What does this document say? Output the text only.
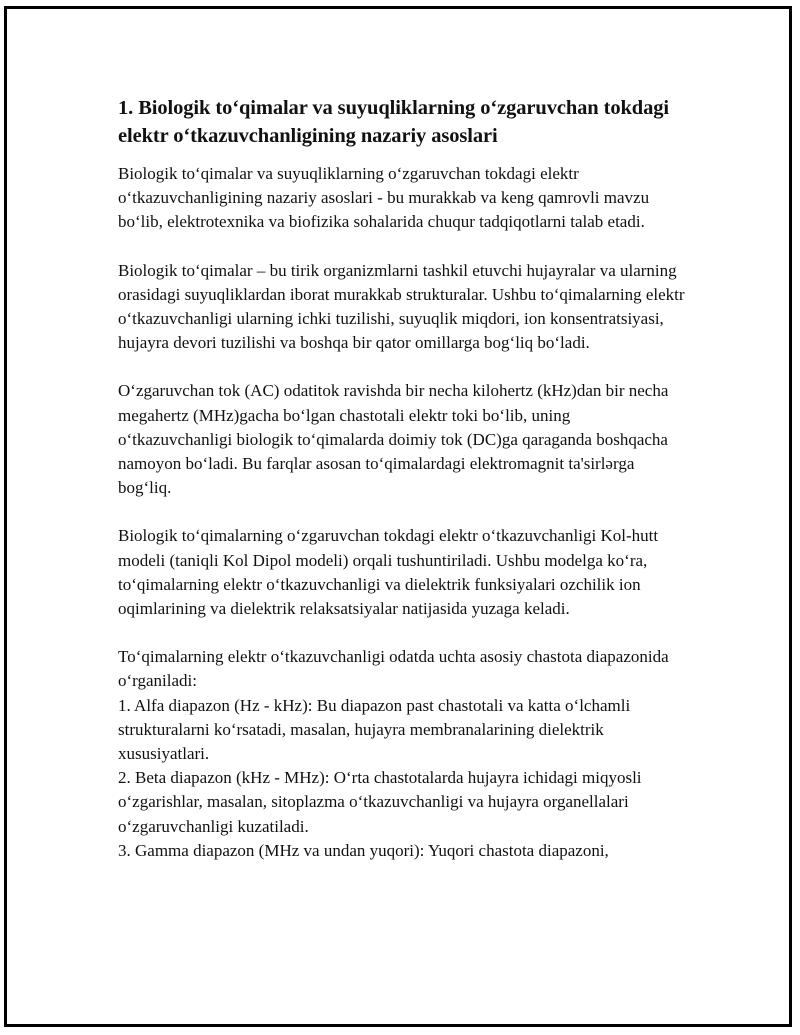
1. Biologik to‘qimalar va suyuqliklarning o‘zgaruvchan tokdagi elektr o‘tkazuvchanligining nazariy asoslari

Biologik to‘qimalar va suyuqliklarning o‘zgaruvchan tokdagi elektr o‘tkazuvchanligining nazariy asoslari - bu murakkab va keng qamrovli mavzu bo‘lib, elektrotexnika va biofizika sohalarida chuqur tadqiqotlarni talab etadi.

Biologik to‘qimalar – bu tirik organizmlarni tashkil etuvchi hujayralar va ularning orasidagi suyuqliklardan iborat murakkab strukturalar. Ushbu to‘qimalarning elektr o‘tkazuvchanligi ularning ichki tuzilishi, suyuqlik miqdori, ion konsentratsiyasi, hujayra devori tuzilishi va boshqa bir qator omillarga bog‘liq bo‘ladi.

O‘zgaruvchan tok (AC) odatitok ravishda bir necha kilohertz (kHz)dan bir necha megahertz (MHz)gacha bo‘lgan chastotali elektr toki bo‘lib, uning o‘tkazuvchanligi biologik to‘qimalarda doimiy tok (DC)ga qaraganda boshqacha namoyon bo‘ladi. Bu farqlar asosan to‘qimalardagi elektromagnit ta'sirlərga bog‘liq.

Biologik to‘qimalarning o‘zgaruvchan tokdagi elektr o‘tkazuvchanligi Kol-hutt modeli (taniqli Kol Dipol modeli) orqali tushuntiriladi. Ushbu modelga ko‘ra, to‘qimalarning elektr o‘tkazuvchanligi va dielektrik funksiyalari ozchilik ion oqimlarining va dielektrik relaksatsiyalar natijasida yuzaga keladi.

To‘qimalarning elektr o‘tkazuvchanligi odatda uchta asosiy chastota diapazonida o‘rganiladi:

1. Alfa diapazon (Hz - kHz): Bu diapazon past chastotali va katta o‘lchamli strukturalarni ko‘rsatadi, masalan, hujayra membranalarining dielektrik xususiyatlari.

2. Beta diapazon (kHz - MHz): O‘rta chastotalarda hujayra ichidagi miqyosli o‘zgarishlar, masalan, sitoplazma o‘tkazuvchanligi va hujayra organellalari o‘zgaruvchanligi kuzatiladi.

3. Gamma diapazon (MHz va undan yuqori): Yuqori chastota diapazoni,
